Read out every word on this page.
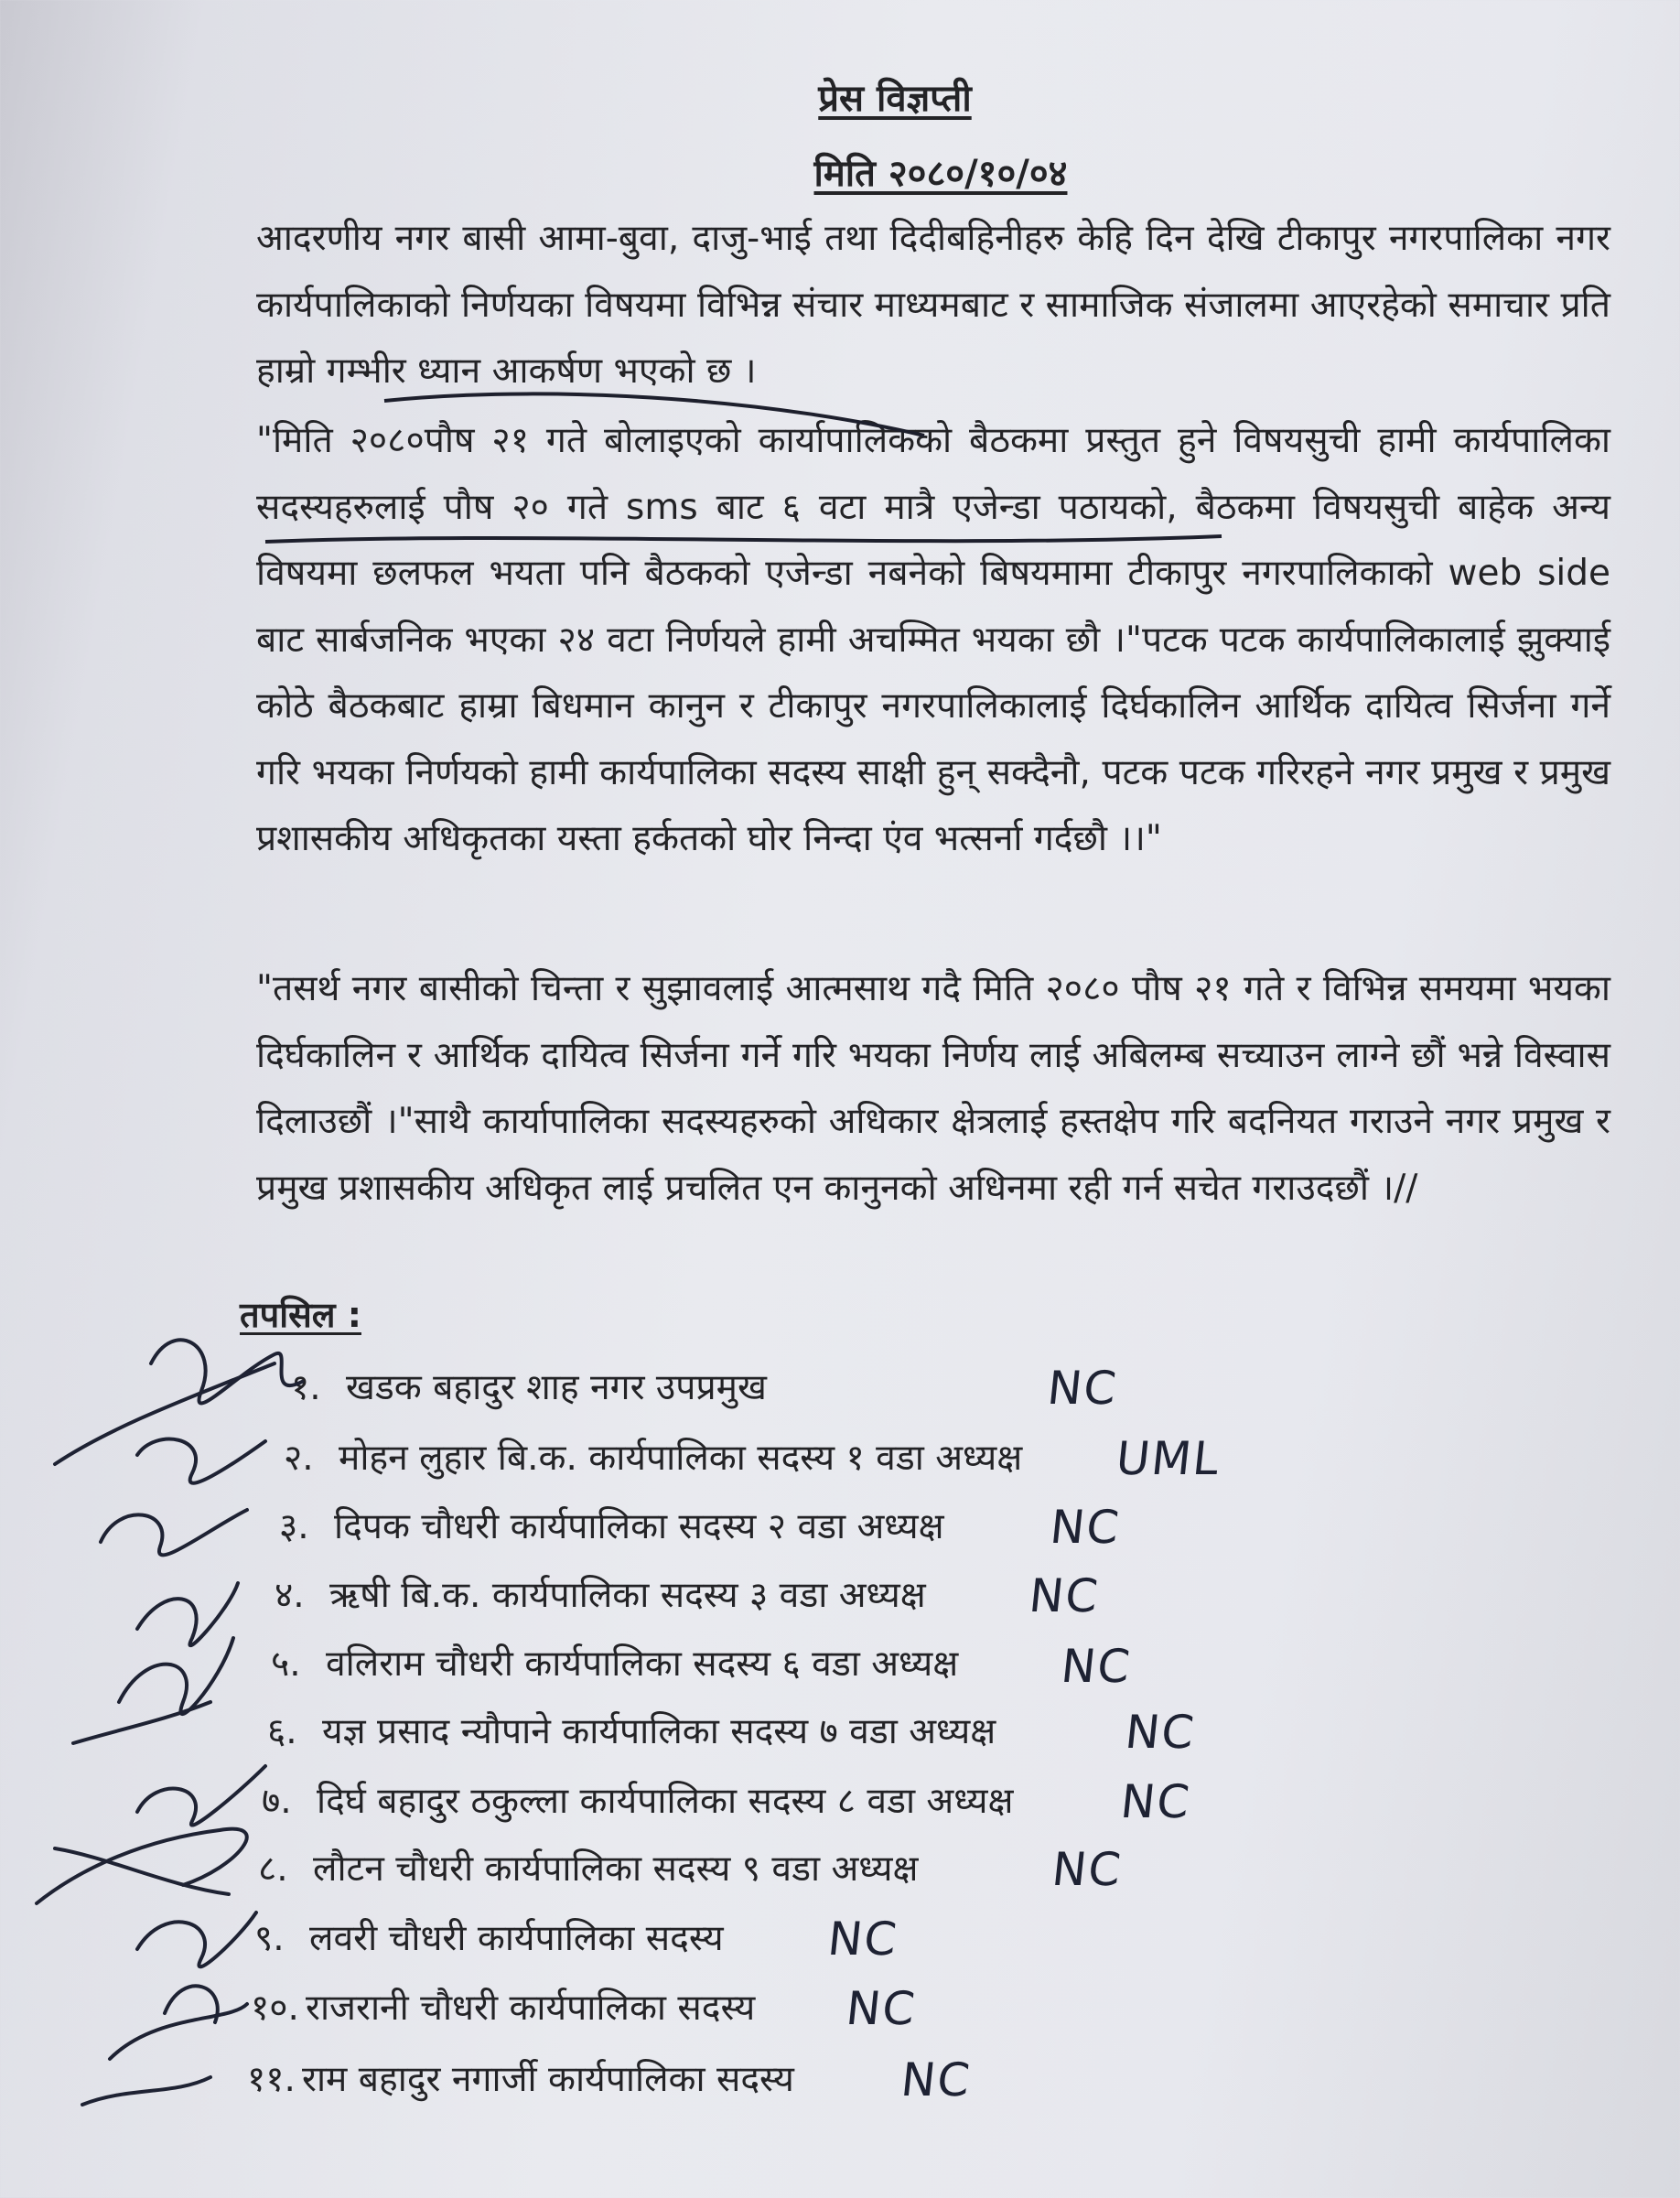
प्रेस विज्ञप्ती
मिति २०८०/१०/०४
आदरणीय नगर बासी आमा-बुवा, दाजु-भाई तथा दिदीबहिनीहरु केहि दिन देखि टीकापुर नगरपालिका नगर कार्यपालिकाको निर्णयका विषयमा विभिन्न संचार माध्यमबाट र सामाजिक संजालमा आएरहेको समाचार प्रति हाम्रो गम्भीर ध्यान आकर्षण भएको छ ।
"मिति २०८०पौष २१ गते बोलाइएको कार्यापालिकको बैठकमा प्रस्तुत हुने विषयसुची हामी कार्यपालिका सदस्यहरुलाई पौष २० गते sms बाट ६ वटा मात्रै एजेन्डा पठायको, बैठकमा विषयसुची बाहेक अन्य विषयमा छलफल भयता पनि बैठकको एजेन्डा नबनेको बिषयमामा टीकापुर नगरपालिकाको web side बाट सार्बजनिक भएका २४ वटा निर्णयले हामी अचम्मित भयका छौ ।"पटक पटक कार्यपालिकालाई झुक्याई कोठे बैठकबाट हाम्रा बिधमान कानुन र टीकापुर नगरपालिकालाई दिर्घकालिन आर्थिक दायित्व सिर्जना गर्ने गरि भयका निर्णयको हामी कार्यपालिका सदस्य साक्षी हुन् सक्दैनौ, पटक पटक गरिरहने नगर प्रमुख र प्रमुख प्रशासकीय अधिकृतका यस्ता हर्कतको घोर निन्दा एंव भत्सर्ना गर्दछौ ।।"
"तसर्थ नगर बासीको चिन्ता र सुझावलाई आत्मसाथ गदै मिति २०८० पौष २१ गते र विभिन्न समयमा भयका दिर्घकालिन र आर्थिक दायित्व सिर्जना गर्ने गरि भयका निर्णय लाई अबिलम्ब सच्याउन लाग्ने छौं भन्ने विस्वास दिलाउछौं ।"साथै कार्यापालिका सदस्यहरुको अधिकार क्षेत्रलाई हस्तक्षेप गरि बदनियत गराउने नगर प्रमुख र प्रमुख प्रशासकीय अधिकृत लाई प्रचलित एन कानुनको अधिनमा रही गर्न सचेत गराउदछौं ।//
तपसिल :
१. खडक बहादुर शाह नगर उपप्रमुख
२. मोहन लुहार बि.क. कार्यपालिका सदस्य १ वडा अध्यक्ष
३. दिपक चौधरी कार्यपालिका सदस्य २ वडा अध्यक्ष
४. ऋषी बि.क. कार्यपालिका सदस्य ३ वडा अध्यक्ष
५. वलिराम चौधरी कार्यपालिका सदस्य ६ वडा अध्यक्ष
६. यज्ञ प्रसाद न्यौपाने कार्यपालिका सदस्य ७ वडा अध्यक्ष
७. दिर्घ बहादुर ठकुल्ला कार्यपालिका सदस्य ८ वडा अध्यक्ष
८. लौटन चौधरी कार्यपालिका सदस्य ९ वडा अध्यक्ष
९. लवरी चौधरी कार्यपालिका सदस्य
१०. राजरानी चौधरी कार्यपालिका सदस्य
११. राम बहादुर नगार्जी कार्यपालिका सदस्य
NC
UML
NC
NC
NC
NC
NC
NC
NC
NC
NC
